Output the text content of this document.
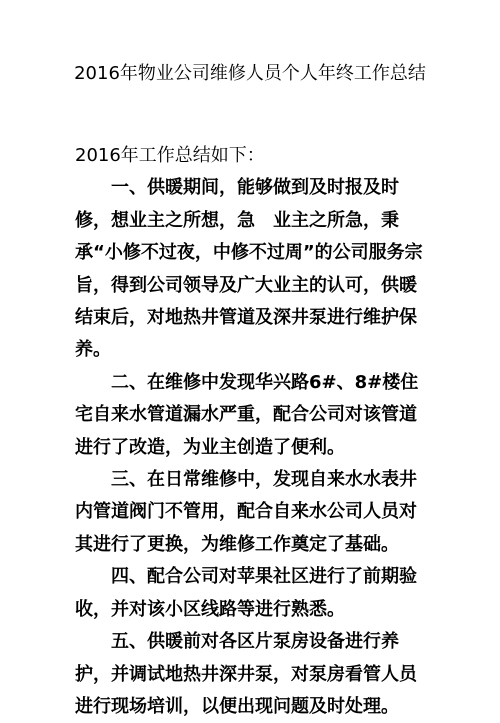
2016年物业公司维修人员个人年终工作总结

2016年工作总结如下：

一、供暖期间，能够做到及时报及时修，想业主之所想，急　业主之所急，秉承“小修不过夜，中修不过周”的公司服务宗旨，得到公司领导及广大业主的认可，供暖结束后，对地热井管道及深井泵进行维护保养。

二、在维修中发现华兴路6#、8#楼住宅自来水管道漏水严重，配合公司对该管道进行了改造，为业主创造了便利。

三、在日常维修中，发现自来水水表井内管道阀门不管用，配合自来水公司人员对其进行了更换，为维修工作奠定了基础。

四、配合公司对苹果社区进行了前期验收，并对该小区线路等进行熟悉。

五、供暖前对各区片泵房设备进行养护，并调试地热井深井泵，对泵房看管人员进行现场培训，以便出现问题及时处理。
